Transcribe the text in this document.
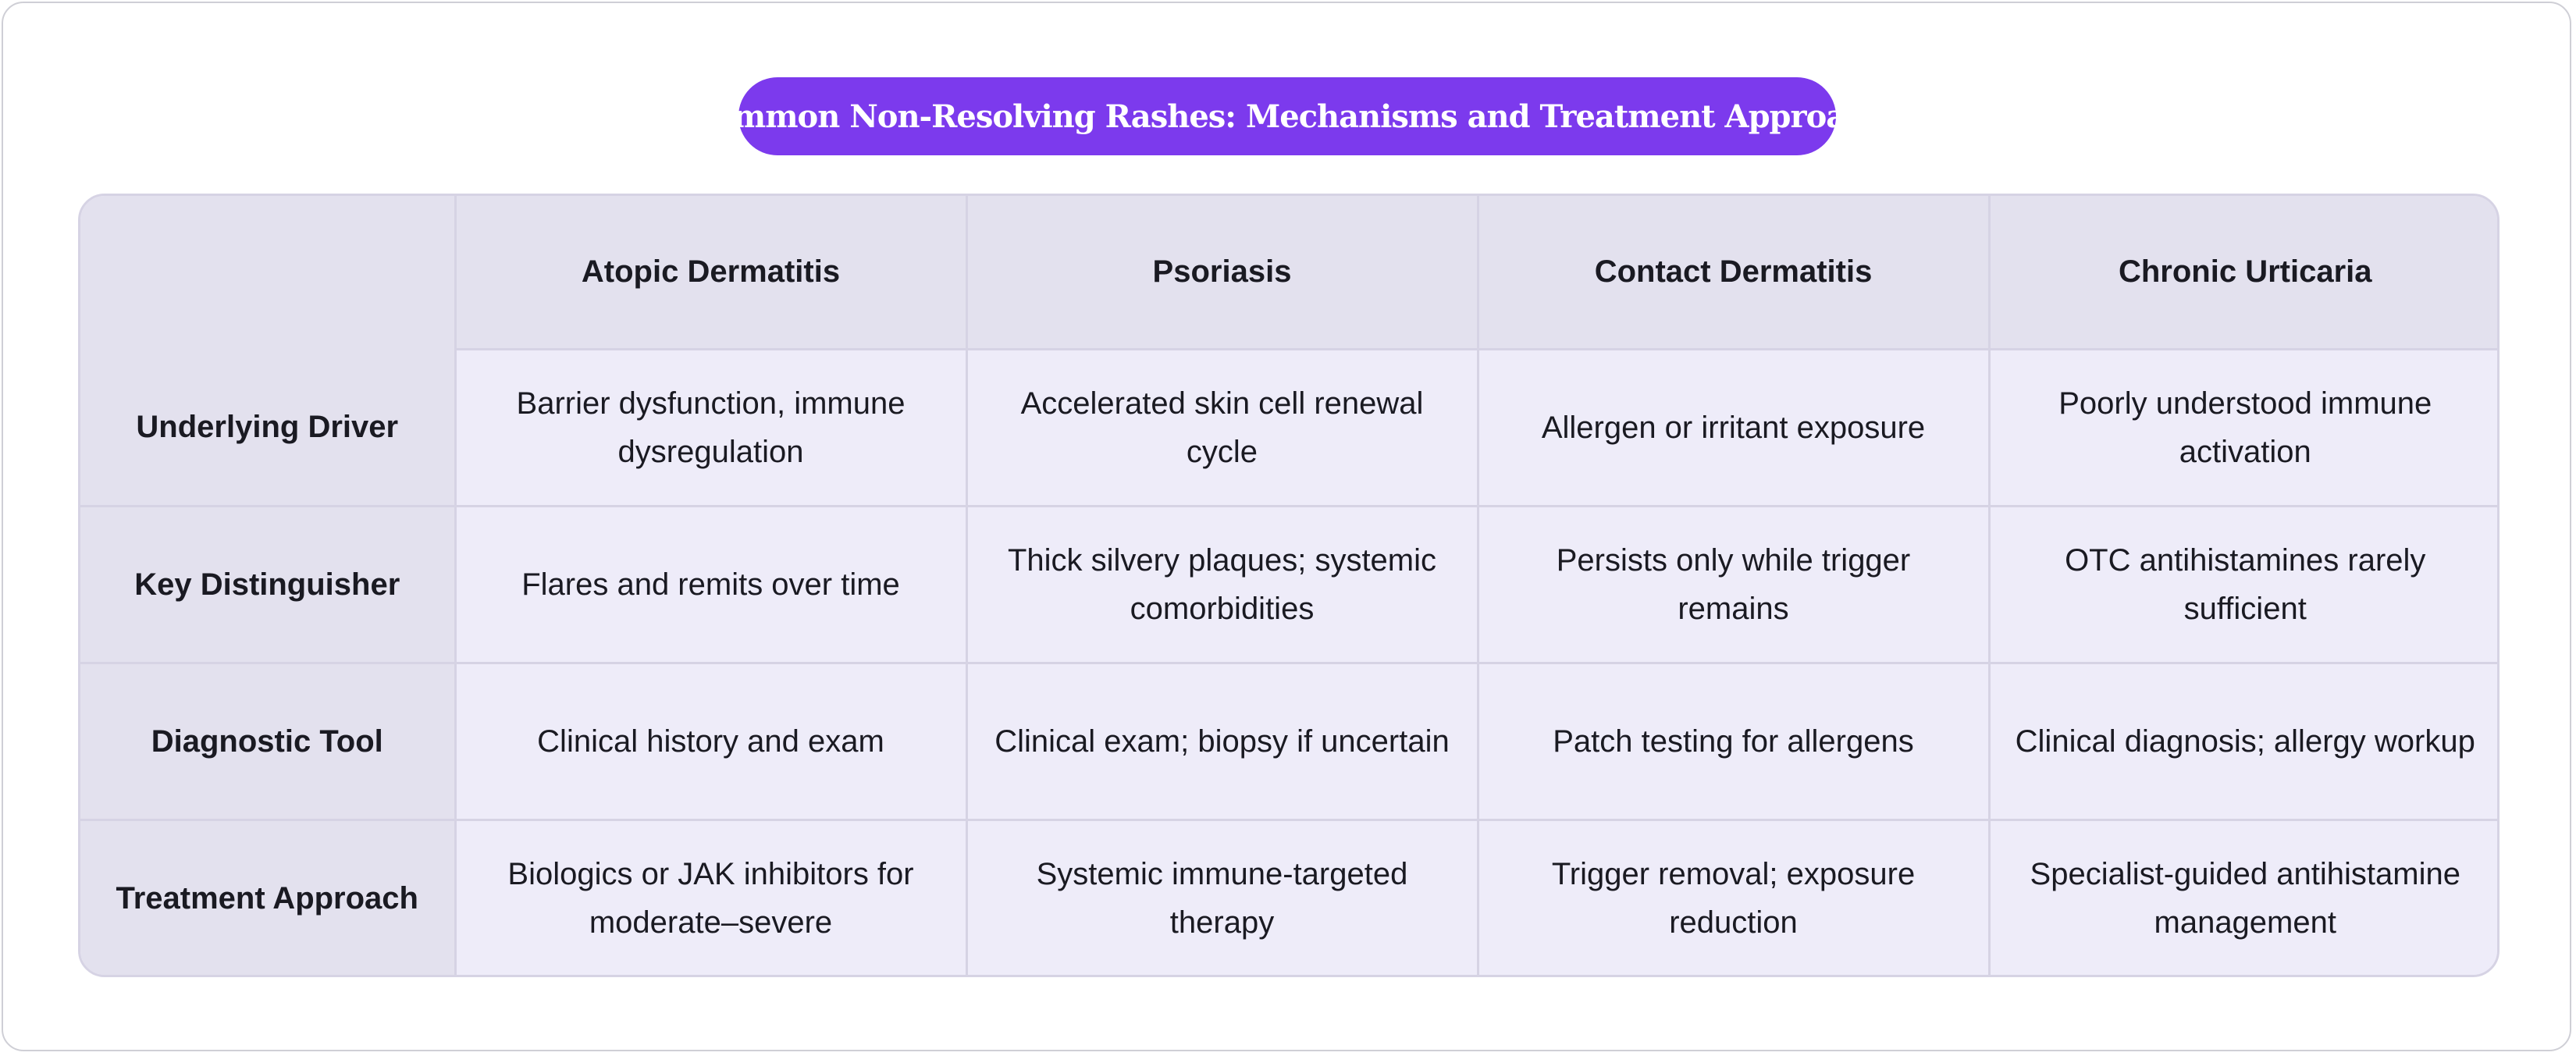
Common Non-Resolving Rashes: Mechanisms and Treatment Approach
	Atopic Dermatitis	Psoriasis	Contact Dermatitis	Chronic Urticaria
Underlying Driver	Barrier dysfunction, immune dysregulation	Accelerated skin cell renewal cycle	Allergen or irritant exposure	Poorly understood immune activation
Key Distinguisher	Flares and remits over time	Thick silvery plaques; systemic comorbidities	Persists only while trigger remains	OTC antihistamines rarely sufficient
Diagnostic Tool	Clinical history and exam	Clinical exam; biopsy if uncertain	Patch testing for allergens	Clinical diagnosis; allergy workup
Treatment Approach	Biologics or JAK inhibitors for moderate–severe	Systemic immune-targeted therapy	Trigger removal; exposure reduction	Specialist-guided antihistamine management
